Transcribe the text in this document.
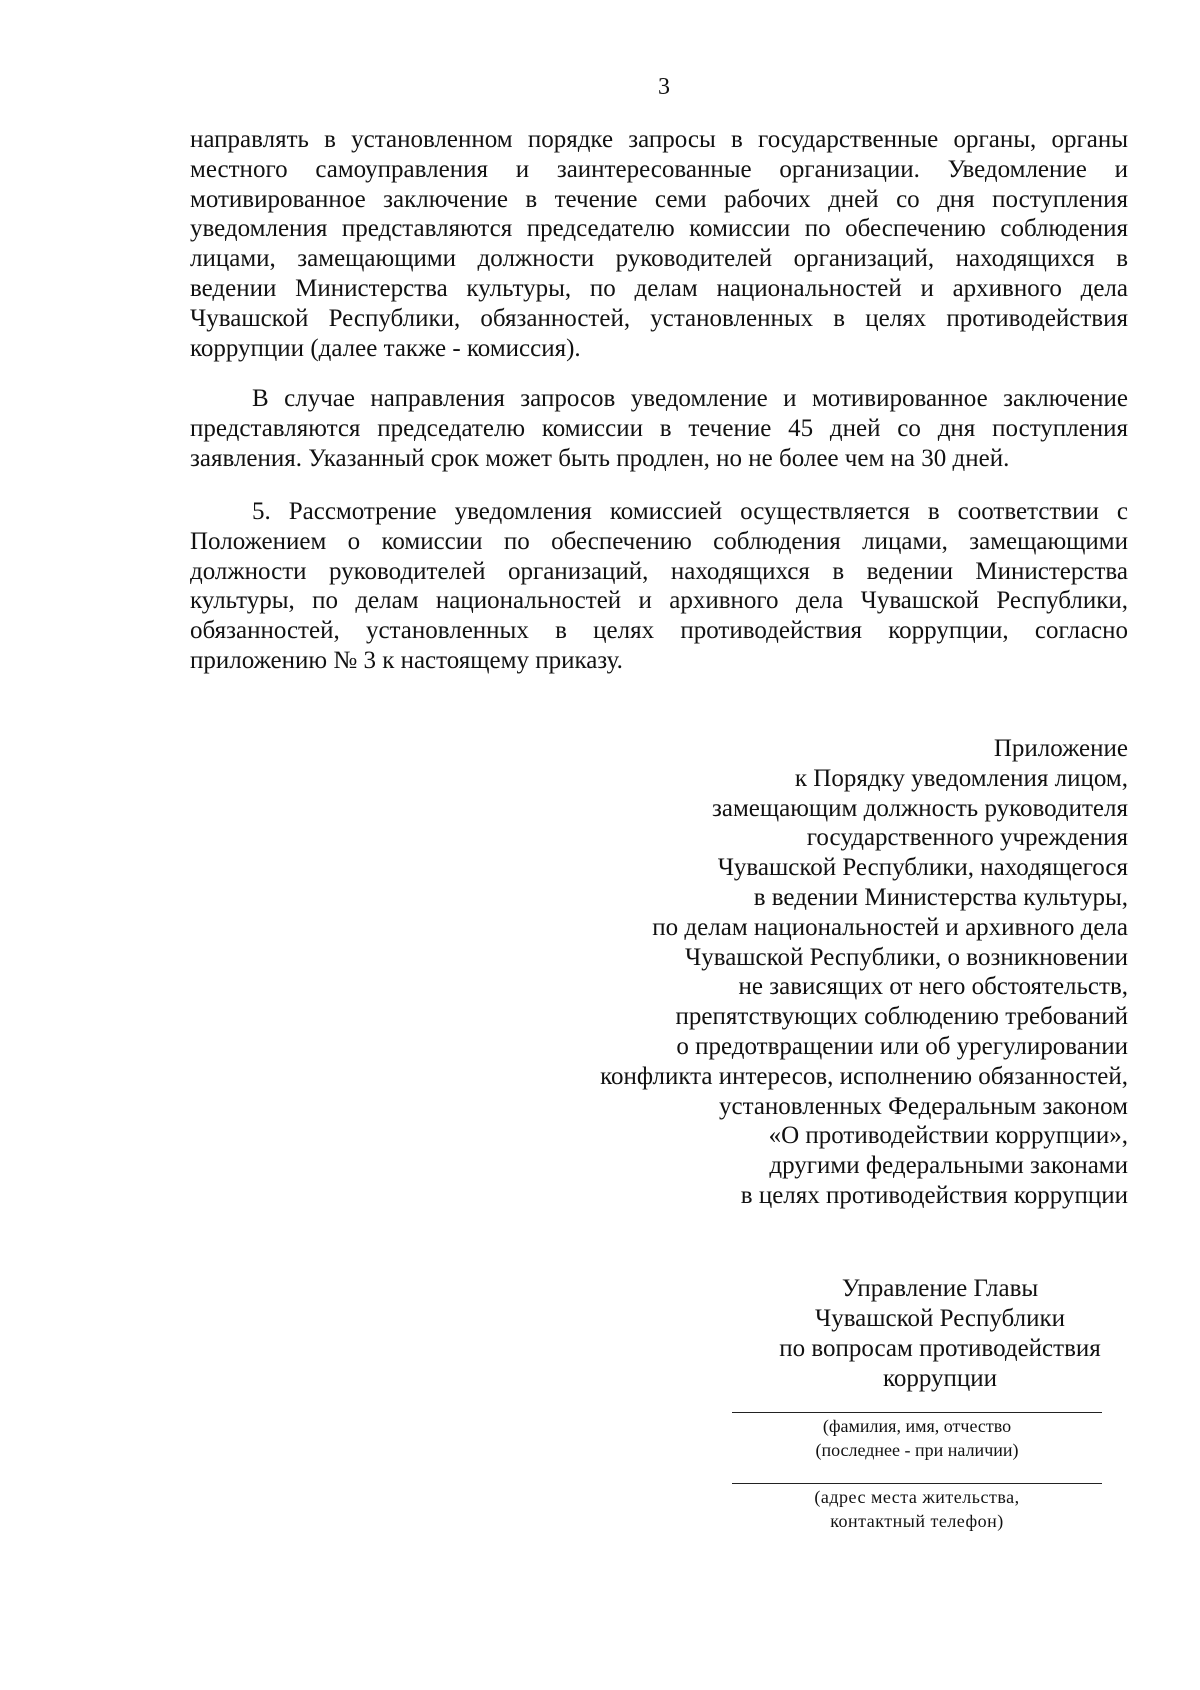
3
направлять в установленном порядке запросы в государственные органы, органы местного самоуправления и заинтересованные организации. Уведомление и мотивированное заключение в течение семи рабочих дней со дня поступления уведомления представляются председателю комиссии по обеспечению соблюдения лицами, замещающими должности руководителей организаций, находящихся в ведении Министерства культуры, по делам национальностей и архивного дела Чувашской Республики, обязанностей, установленных в целях противодействия коррупции (далее также - комиссия).
В случае направления запросов уведомление и мотивированное заключение представляются председателю комиссии в течение 45 дней со дня поступления заявления. Указанный срок может быть продлен, но не более чем на 30 дней.
5. Рассмотрение уведомления комиссией осуществляется в соответствии с Положением о комиссии по обеспечению соблюдения лицами, замещающими должности руководителей организаций, находящихся в ведении Министерства культуры, по делам национальностей и архивного дела Чувашской Республики, обязанностей, установленных в целях противодействия коррупции, согласно приложению № 3 к настоящему приказу.
Приложение
к Порядку уведомления лицом,
замещающим должность руководителя
государственного учреждения
Чувашской Республики, находящегося
в ведении Министерства культуры,
по делам национальностей и архивного дела
Чувашской Республики, о возникновении
не зависящих от него обстоятельств,
препятствующих соблюдению требований
о предотвращении или об урегулировании
конфликта интересов, исполнению обязанностей,
установленных Федеральным законом
«О противодействии коррупции»,
другими федеральными законами
в целях противодействия коррупции
Управление Главы
Чувашской Республики
по вопросам противодействия
коррупции
(фамилия, имя, отчество
(последнее - при наличии)
(адрес места жительства,
контактный телефон)
